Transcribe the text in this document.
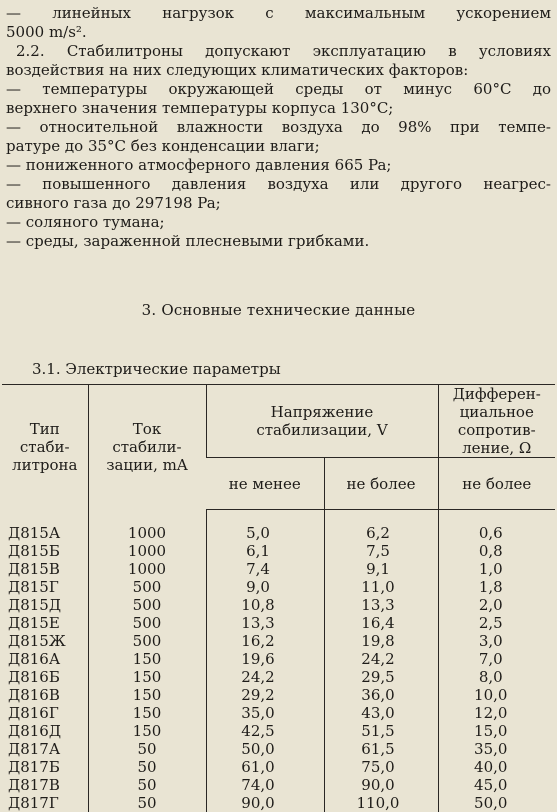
— линейных нагрузок с максимальным ускорением

5000 m/s².

2.2. Стабилитроны допускают эксплуатацию в условиях

воздействия на них следующих климатических факторов:

— температуры окружающей среды от минус 60°C до

верхнего значения температуры корпуса 130°C;

— относительной влажности воздуха до 98% при темпе-

ратуре до 35°C без конденсации влаги;

— пониженного атмосферного давления 665 Pa;

— повышенного давления воздуха или другого неагрес-

сивного газа до 297198 Pa;

— соляного тумана;

— среды, зараженной плесневыми грибками.

3. Основные технические данные

3.1. Электрические параметры

Тип
стаби-
литрона	Ток
стабили-
зации, mA	Напряжение
стабилизации, V		Дифферен-
циальное
сопротив-
ление, Ω
		не менее	не более	не более
Д815А	1000	5,0	6,2	0,6
Д815Б	1000	6,1	7,5	0,8
Д815В	1000	7,4	9,1	1,0
Д815Г	500	9,0	11,0	1,8
Д815Д	500	10,8	13,3	2,0
Д815Е	500	13,3	16,4	2,5
Д815Ж	500	16,2	19,8	3,0
Д816А	150	19,6	24,2	7,0
Д816Б	150	24,2	29,5	8,0
Д816В	150	29,2	36,0	10,0
Д816Г	150	35,0	43,0	12,0
Д816Д	150	42,5	51,5	15,0
Д817А	50	50,0	61,5	35,0
Д817Б	50	61,0	75,0	40,0
Д817В	50	74,0	90,0	45,0
Д817Г	50	90,0	110,0	50,0
